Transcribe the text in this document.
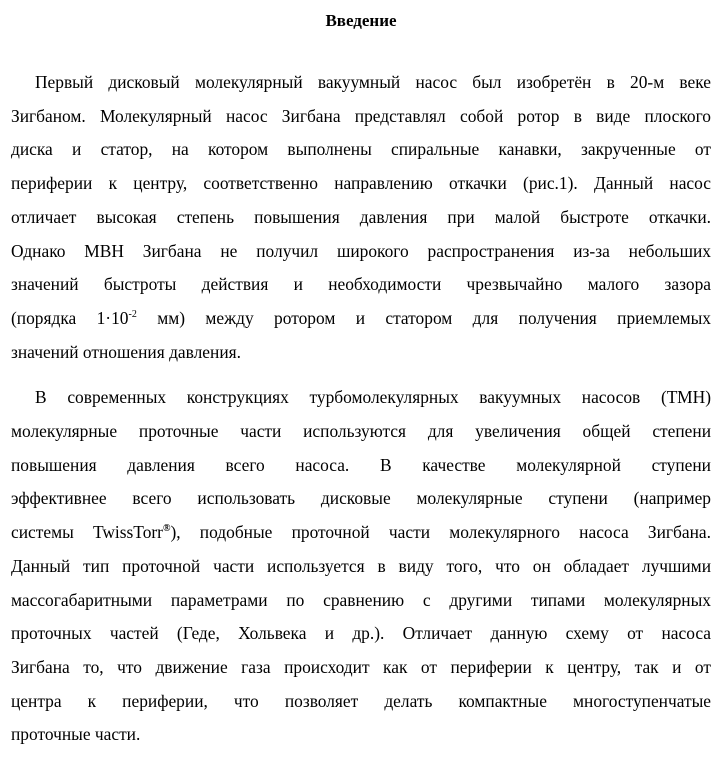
Введение
Первый дисковый молекулярный вакуумный насос был изобретён в 20-м веке
Зигбаном. Молекулярный насос Зигбана представлял собой ротор в виде плоского
диска и статор, на котором выполнены спиральные канавки, закрученные от
периферии к центру, соответственно направлению откачки (рис.1). Данный насос
отличает высокая степень повышения давления при малой быстроте откачки.
Однако МВН Зигбана не получил широкого распространения из-за небольших
значений быстроты действия и необходимости чрезвычайно малого зазора
(порядка $1\cdot 10^{-2}$ мм) между ротором и статором для получения приемлемых
значений отношения давления.
В современных конструкциях турбомолекулярных вакуумных насосов (ТМН)
молекулярные проточные части используются для увеличения общей степени
повышения давления всего насоса. В качестве молекулярной ступени
эффективнее всего использовать дисковые молекулярные ступени (например
системы TwissTorr®), подобные проточной части молекулярного насоса Зигбана.
Данный тип проточной части используется в виду того, что он обладает лучшими
массогабаритными параметрами по сравнению с другими типами молекулярных
проточных частей (Геде, Хольвека и др.). Отличает данную схему от насоса
Зигбана то, что движение газа происходит как от периферии к центру, так и от
центра к периферии, что позволяет делать компактные многоступенчатые
проточные части.
